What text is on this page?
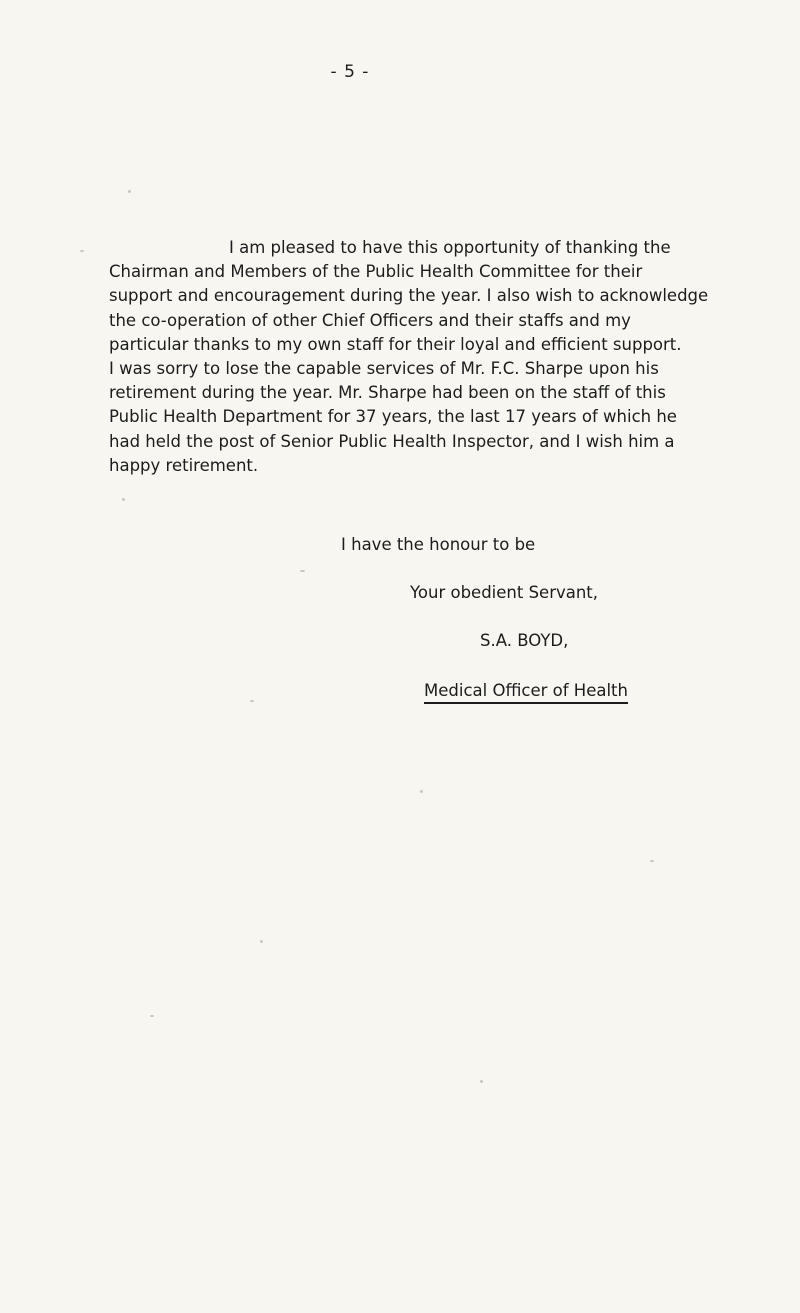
- 5 -

I am pleased to have this opportunity of thanking the
Chairman and Members of the Public Health Committee for their
support and encouragement during the year. I also wish to acknowledge
the co-operation of other Chief Officers and their staffs and my
particular thanks to my own staff for their loyal and efficient support.
I was sorry to lose the capable services of Mr. F.C. Sharpe upon his
retirement during the year. Mr. Sharpe had been on the staff of this
Public Health Department for 37 years, the last 17 years of which he
had held the post of Senior Public Health Inspector, and I wish him a
happy retirement.

I have the honour to be

Your obedient Servant,

S.A. BOYD,

Medical Officer of Health
